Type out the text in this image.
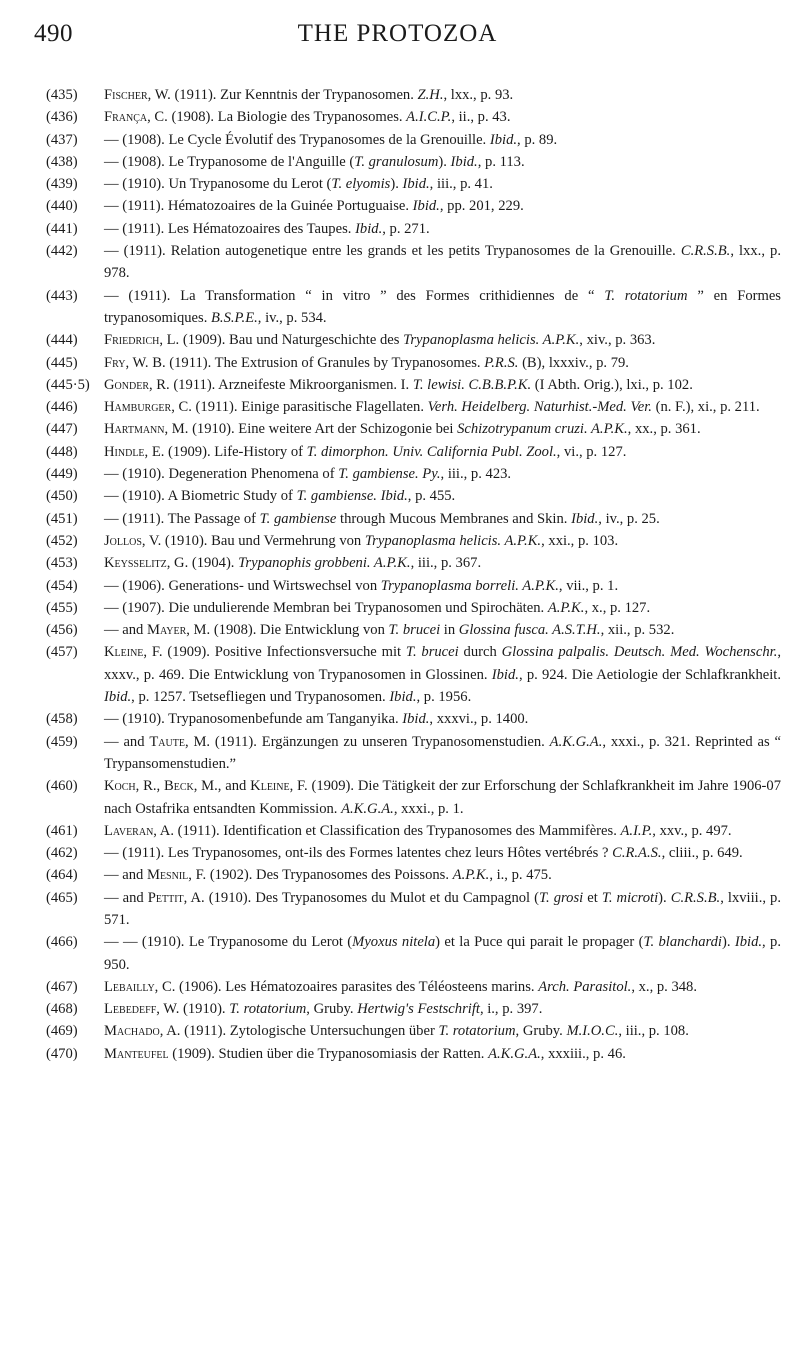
490	THE PROTOZOA
(435) Fischer, W. (1911). Zur Kenntnis der Trypanosomen. Z.H., lxx., p. 93.
(436) França, C. (1908). La Biologie des Trypanosomes. A.I.C.P., ii., p. 43.
(437) — (1908). Le Cycle Évolutif des Trypanosomes de la Grenouille. Ibid., p. 89.
(438) — (1908). Le Trypanosome de l'Anguille (T. granulosum). Ibid., p. 113.
(439) — (1910). Un Trypanosome du Lerot (T. elyomis). Ibid., iii., p. 41.
(440) — (1911). Hématozoaires de la Guinée Portuguaise. Ibid., pp. 201, 229.
(441) — (1911). Les Hématozoaires des Taupes. Ibid., p. 271.
(442) — (1911). Relation autogenetique entre les grands et les petits Trypanosomes de la Grenouille. C.R.S.B., lxx., p. 978.
(443) — (1911). La Transformation “ in vitro ” des Formes crithidiennes de “ T. rotatorium ” en Formes trypanosomiques. B.S.P.E., iv., p. 534.
(444) Friedrich, L. (1909). Bau und Naturgeschichte des Trypanoplasma helicis. A.P.K., xiv., p. 363.
(445) Fry, W. B. (1911). The Extrusion of Granules by Trypanosomes. P.R.S. (B), lxxxiv., p. 79.
(445·5) Gonder, R. (1911). Arzneifeste Mikroorganismen. I. T. lewisi. C.B.B.P.K. (I Abth. Orig.), lxi., p. 102.
(446) Hamburger, C. (1911). Einige parasitische Flagellaten. Verh. Heidelberg. Naturhist.-Med. Ver. (n. F.), xi., p. 211.
(447) Hartmann, M. (1910). Eine weitere Art der Schizogonie bei Schizotrypanum cruzi. A.P.K., xx., p. 361.
(448) Hindle, E. (1909). Life-History of T. dimorphon. Univ. California Publ. Zool., vi., p. 127.
(449) — (1910). Degeneration Phenomena of T. gambiense. Py., iii., p. 423.
(450) — (1910). A Biometric Study of T. gambiense. Ibid., p. 455.
(451) — (1911). The Passage of T. gambiense through Mucous Membranes and Skin. Ibid., iv., p. 25.
(452) Jollos, V. (1910). Bau und Vermehrung von Trypanoplasma helicis. A.P.K., xxi., p. 103.
(453) Keysselitz, G. (1904). Trypanophis grobbeni. A.P.K., iii., p. 367.
(454) — (1906). Generations- und Wirtswechsel von Trypanoplasma borreli. A.P.K., vii., p. 1.
(455) — (1907). Die undulierende Membran bei Trypanosomen und Spirochäten. A.P.K., x., p. 127.
(456) — and Mayer, M. (1908). Die Entwicklung von T. brucei in Glossina fusca. A.S.T.H., xii., p. 532.
(457) Kleine, F. (1909). Positive Infectionsversuche mit T. brucei durch Glossina palpalis. Deutsch. Med. Wochenschr., xxxv., p. 469. Die Entwicklung von Trypanosomen in Glossinen. Ibid., p. 924. Die Aetiologie der Schlafkrankheit. Ibid., p. 1257. Tsetsefliegen und Trypanosomen. Ibid., p. 1956.
(458) — (1910). Trypanosomenbefunde am Tanganyika. Ibid., xxxvi., p. 1400.
(459) — and Taute, M. (1911). Ergänzungen zu unseren Trypanosomenstudien. A.K.G.A., xxxi., p. 321. Reprinted as “ Trypansomenstudien.”
(460) Koch, R., Beck, M., and Kleine, F. (1909). Die Tätigkeit der zur Erforschung der Schlafkrankheit im Jahre 1906-07 nach Ostafrika entsandten Kommission. A.K.G.A., xxxi., p. 1.
(461) Laveran, A. (1911). Identification et Classification des Trypanosomes des Mammifères. A.I.P., xxv., p. 497.
(462) — (1911). Les Trypanosomes, ont-ils des Formes latentes chez leurs Hôtes vertébrés ? C.R.A.S., cliii., p. 649.
(464) — and Mesnil, F. (1902). Des Trypanosomes des Poissons. A.P.K., i., p. 475.
(465) — and Pettit, A. (1910). Des Trypanosomes du Mulot et du Campagnol (T. grosi et T. microti). C.R.S.B., lxviii., p. 571.
(466) — — (1910). Le Trypanosome du Lerot (Myoxus nitela) et la Puce qui parait le propager (T. blanchardi). Ibid., p. 950.
(467) Lebailly, C. (1906). Les Hématozoaires parasites des Téléosteens marins. Arch. Parasitol., x., p. 348.
(468) Lebedeff, W. (1910). T. rotatorium, Gruby. Hertwig's Festschrift, i., p. 397.
(469) Machado, A. (1911). Zytologische Untersuchungen über T. rotatorium, Gruby. M.I.O.C., iii., p. 108.
(470) Manteufel (1909). Studien über die Trypanosomiasis der Ratten. A.K.G.A., xxxiii., p. 46.
